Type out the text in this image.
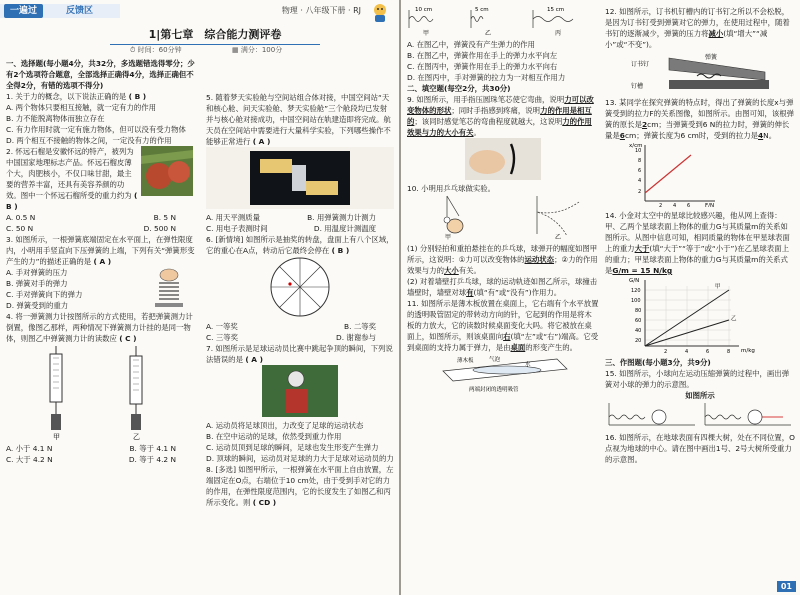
一遍过	反馈区	物理 · 八年级下册 · RJ
1|第七章　综合能力测评卷
⏱ 时间：60分钟	▦ 满分：100分

一、选择题(每小题4分，共32分，多选题错选得零分；少有2个选项符合题意，全部选择正确得4分，选择正确但不全得2分，有错的选项不得分)

1. 关于力的概念，以下说法正确的是 ( B )

A. 两个物体只要相互接触，就一定有力的作用

B. 力不能脱离物体而独立存在

C. 有力作用时就一定有施力物体，但可以没有受力物体

D. 两个相互不接触的物体之间，一定没有力的作用

2. 怀远石榴是安徽怀远的特产，被列为中国国家地理标志产品。怀远石榴皮薄个大，肉肥核小，不仅口味甘甜，最主要的营养丰富，还具有美容养颜的功效。图中一个怀远石榴所受的重力约为 ( B )

A. 0.5 N	B. 5 N
C. 50 N	D. 500 N

3. 如图所示，一根弹簧底端固定在水平面上，在弹性限度内，小明用手竖直向下压弹簧的上端，下列有关“弹簧形变产生的力”的描述正确的是 ( A )

A. 手对弹簧的压力

B. 弹簧对手的弹力

C. 手对弹簧向下的弹力

D. 弹簧受到的重力

4. 将一弹簧测力计按图所示的方式使用，若把弹簧测力计倒置，像图乙那样，两种情况下弹簧测力计挂的是同一物体，则图乙中弹簧测力计的读数应 ( C )

甲	乙
A. 小于 4.1 N	B. 等于 4.1 N
C. 大于 4.2 N	D. 等于 4.2 N

5. 随着梦天实验舱与空间站组合体对接，中国空间站“天和核心舱、问天实验舱、梦天实验舱”三个舱段均已发射并与核心舱对接成功，中国空间站在轨建造即将完成。航天员在空间站中需要进行大量科学实验，下列哪些操作不能够正常进行 ( A )

A. 用天平测质量	B. 用弹簧测力计测力
C. 用电子表测时间	D. 用温度计测温度

6. [新情境] 如图所示是抽奖的转盘，盘面上有八个区域，它的重心在A点，转动后它最终会停在 ( B )

A. 一等奖	B. 二等奖
C. 三等奖	D. 谢谢参与

7. 如图所示是足球运动员比赛中跳起争顶的瞬间，下列说法错误的是 ( A )

A. 运动员将足球顶出，力改变了足球的运动状态

B. 在空中运动的足球，依然受到重力作用

C. 运动员顶到足球的瞬间，足球也发生形变产生弹力

D. 顶球的瞬间，运动员对足球的力大于足球对运动员的力

8. [多选] 如图甲所示，一根弹簧在水平面上自由放置，左端固定在O点，右端位于10 cm处，由于受到手对它的力的作用，在弹性限度范围内，它的长度发生了如图乙和丙所示变化。则 ( CD )

10 cm	5 cm	15 cm
甲	乙	丙

A. 在图乙中，弹簧没有产生弹力的作用

B. 在图乙中，弹簧作用在手上的弹力水平向左

C. 在图丙中，弹簧作用在手上的弹力水平向右

D. 在图丙中，手对弹簧的拉力为一对相互作用力

二、填空题(每空2分，共30分)

9. 如图所示，用手指压圆珠笔芯使它弯曲，说明力可以改变物体的形状；同时手指感到疼痛，说明力的作用是相互的；该同时感觉笔芯的弯曲程度就越大，这说明力的作用效果与力的大小有关。

10. 小明用乒乓球做实验。

甲	乙

(1) 分别轻拍和重拍悬挂在的乒乓球，球弹开的幅度如图甲所示，这说明：①力可以改变物体的运动状态；②力的作用效果与力的大小有关。

(2) 对着墙壁打乒乓球，球的运动轨迹如图乙所示，球撞击墙壁时，墙壁对球有(填“有”或“没有”)作用力。

11. 如图所示是薄木板放置在桌面上，它右端有个水平放置的透明吸管固定的带转动方向的针，它起到的作用是将木板的力放大，它的读数时候桌面变化大吗。将它被放在桌面上，如图所示，则该桌面向右(填“左”或“右”)端高。它受到桌面的支持力属于弹力，是由桌面的形变产生的。

薄木板	气泡
水
两端封闭的透明吸管

12. 如图所示，订书机钉槽内的订书钉之所以不会松脱，是因为订书钉受到弹簧对它的弹力，在使用过程中，随着书钉的逐渐减少，弹簧的压力将减小(填“增大”“减小”或“不变”)。

订书钉
弹簧
钉槽

13. 某同学在探究弹簧的特点时，得出了弹簧的长度x与弹簧受到的拉力F的关系图像，如图所示。由图可知，该根弹簧的原长是2cm；当弹簧受到6 N的拉力时，弹簧的伸长量是6cm；弹簧长度为6 cm时，受到的拉力是4N。

x/cm
F/N
10
8
6
4
2
2 4 6

14. 小金对太空中的星球比较感兴趣，他从网上查得：甲、乙两个星球表面上物体的重力G与其质量m的关系如图所示。从图中信息可知，相同质量的物体在甲星球表面上的重力大于(填“大于”“等于”或“小于”)在乙星球表面上的重力；甲星球表面上物体的重力G与其质量m的关系式是G/m = 15 N/kg

甲
乙
G/N
m/kg
120
100
80
60
40
20
2	4	6	8

三、作图题(每小题3分，共9分)

15. 如图所示，小球向左运动压缩弹簧的过程中，画出弹簧对小球的弹力的示意图。

如图所示

16. 如图所示，在地球表面有四棵大树，处在不同位置，O点视为地球的中心。请在图中画出1号、2号大树所受重力的示意图。

01
